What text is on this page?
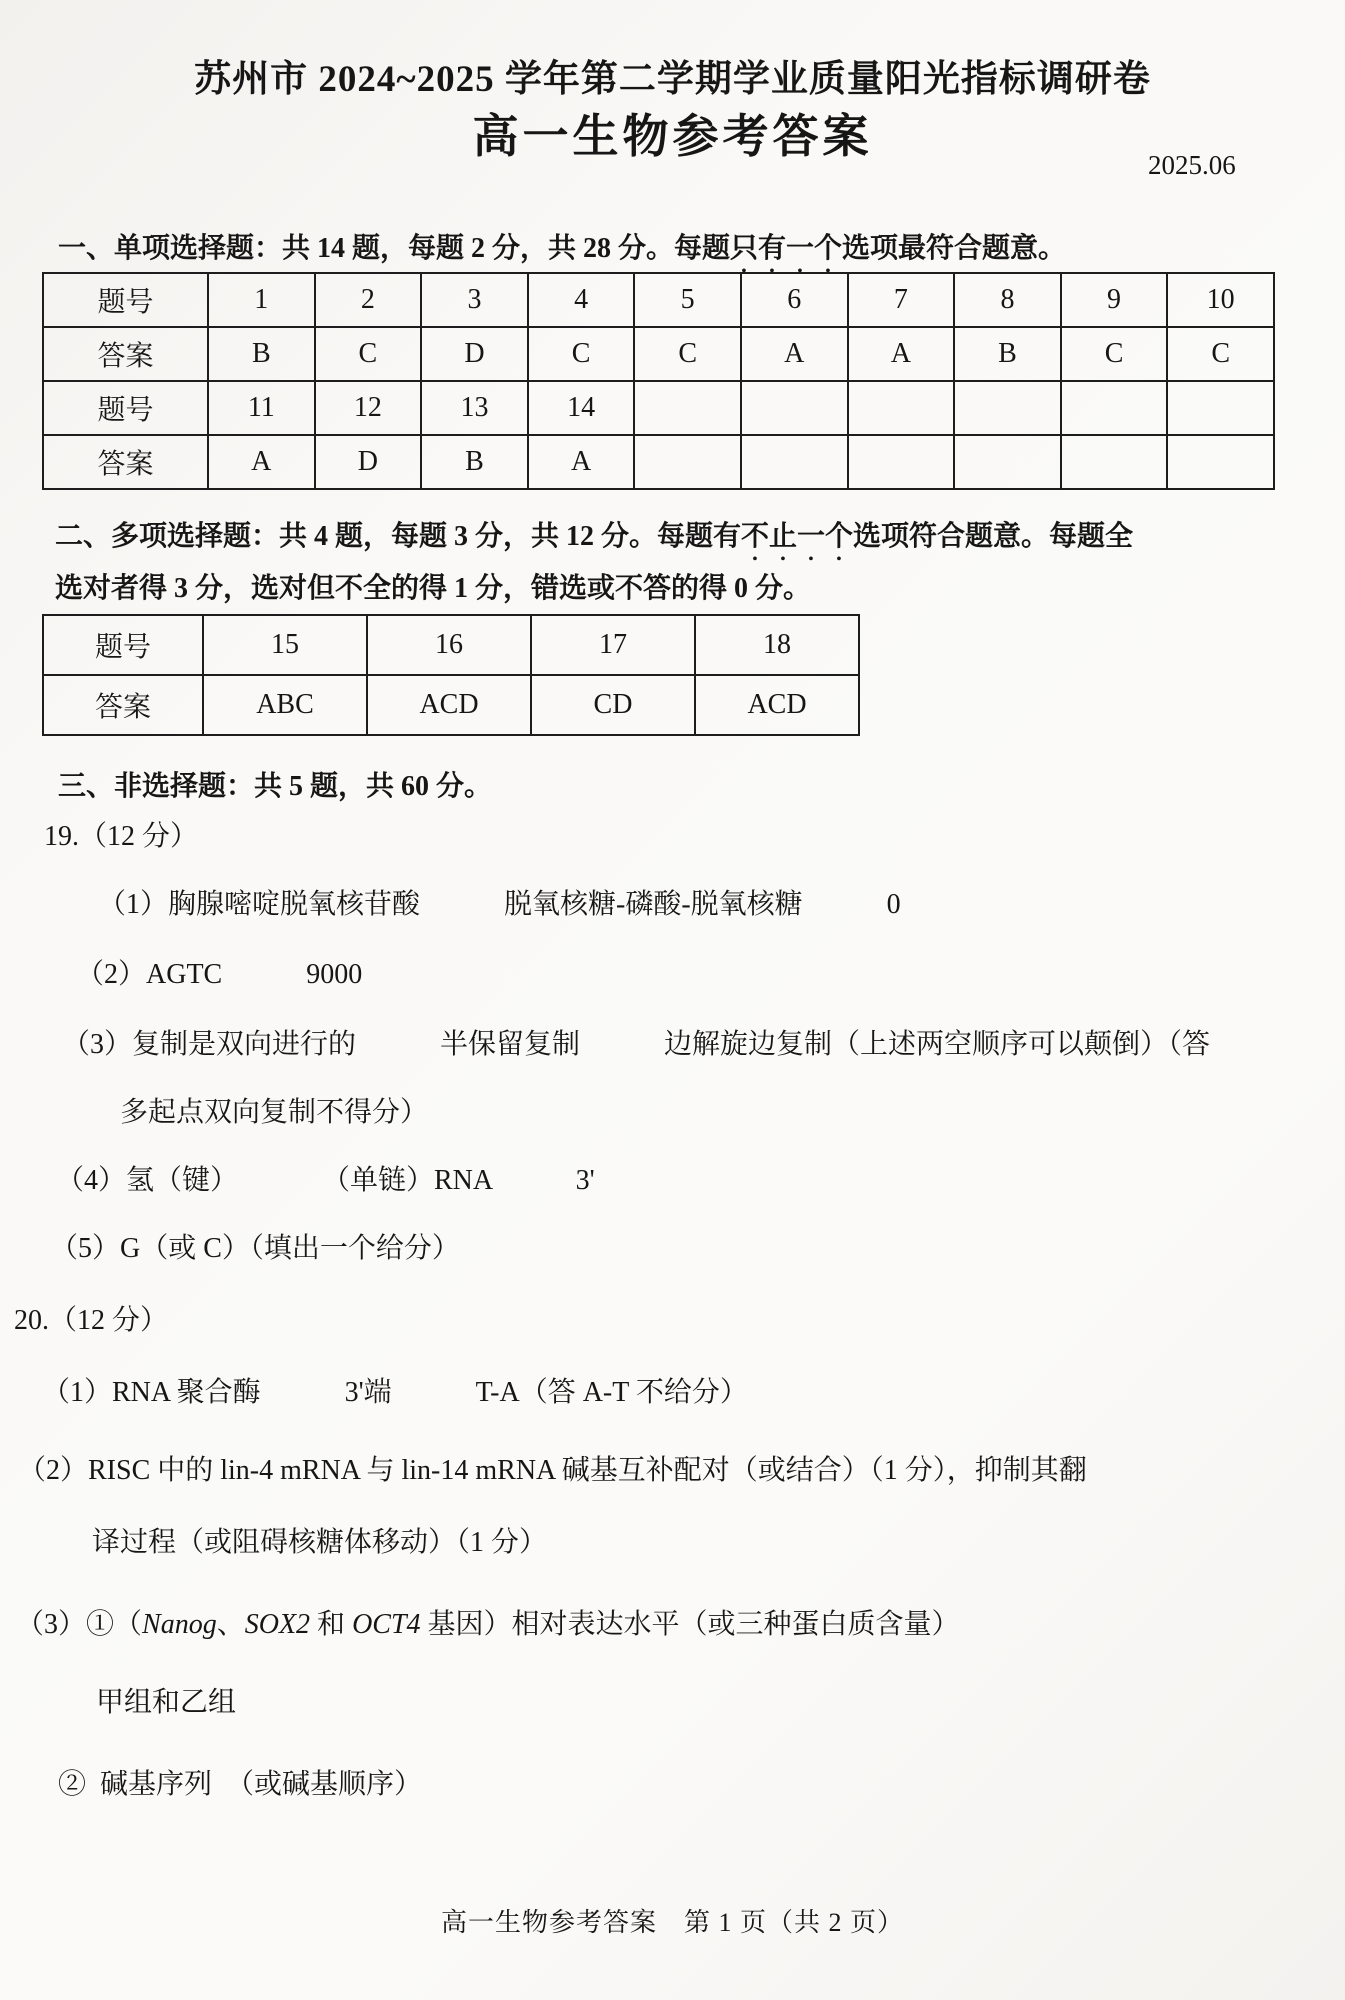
苏州市 2024~2025 学年第二学期学业质量阳光指标调研卷
高一生物参考答案
2025.06
一、单项选择题：共 14 题，每题 2 分，共 28 分。每题只有一个选项最符合题意。
题号	1	2	3	4	5	6	7	8	9	10
答案	B	C	D	C	C	A	A	B	C	C
题号	11	12	13	14						
答案	A	D	B	A						
二、多项选择题：共 4 题，每题 3 分，共 12 分。每题有不止一个选项符合题意。每题全
选对者得 3 分，选对但不全的得 1 分，错选或不答的得 0 分。
题号	15	16	17	18
答案	ABC	ACD	CD	ACD
三、非选择题：共 5 题，共 60 分。
19.（12 分）
（1）胸腺嘧啶脱氧核苷酸　　　脱氧核糖-磷酸-脱氧核糖　　　0
（2）AGTC　　　9000
（3）复制是双向进行的　　　半保留复制　　　边解旋边复制（上述两空顺序可以颠倒）（答
多起点双向复制不得分）
（4）氢（键）　　　　（单链）RNA　　　3'
（5）G（或 C）（填出一个给分）
20.（12 分）
（1）RNA 聚合酶　　　3'端　　　T-A（答 A-T 不给分）
（2）RISC 中的 lin-4 mRNA 与 lin-14 mRNA 碱基互补配对（或结合）（1 分），抑制其翻
译过程（或阻碍核糖体移动）（1 分）
（3）①（Nanog、SOX2 和 OCT4 基因）相对表达水平（或三种蛋白质含量）
甲组和乙组
②  碱基序列　（或碱基顺序）
高一生物参考答案　第 1 页（共 2 页）
